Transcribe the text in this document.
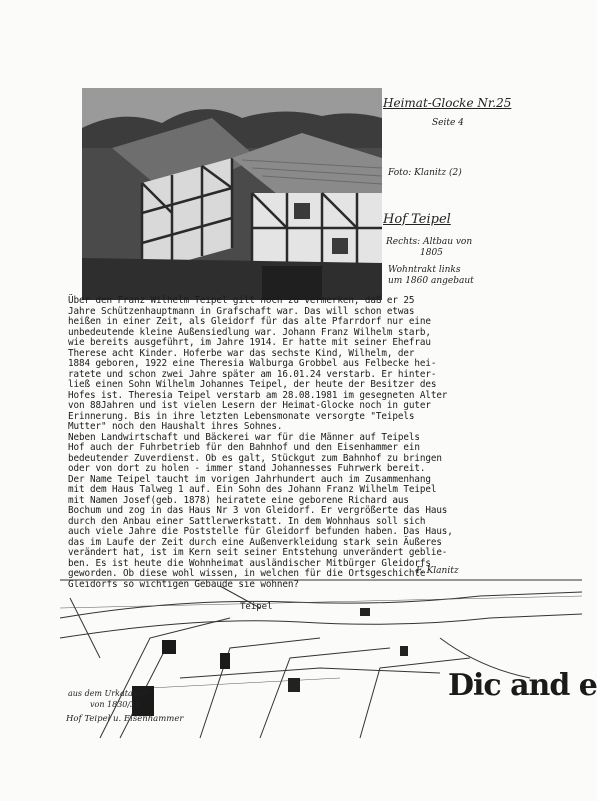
Heimat-Glocke Nr.25
Seite 4
Foto: Klanitz (2)
Hof Teipel
Rechts: Altbau von
1805
Wohntrakt links
um 1860 angebaut
Über den Franz Wilhelm Teipel gilt noch zu vermerken, daß er 25
Jahre Schützenhauptmann in Grafschaft war. Das will schon etwas
heißen in einer Zeit, als Gleidorf für das alte Pfarrdorf nur eine
unbedeutende kleine Außensiedlung war. Johann Franz Wilhelm starb,
wie bereits ausgeführt, im Jahre 1914. Er hatte mit seiner Ehefrau
Therese acht Kinder. Hoferbe war das sechste Kind, Wilhelm, der
1884 geboren, 1922 eine Theresia Walburga Grobbel aus Felbecke hei-
ratete und schon zwei Jahre später am 16.01.24 verstarb. Er hinter-
ließ einen Sohn Wilhelm Johannes Teipel, der heute der Besitzer des
Hofes ist. Theresia Teipel verstarb am 28.08.1981 im gesegneten Alter
von 88Jahren und ist vielen Lesern der Heimat-Glocke noch in guter
Erinnerung. Bis in ihre letzten Lebensmonate versorgte "Teipels
Mutter" noch den Haushalt ihres Sohnes.
Neben Landwirtschaft und Bäckerei war für die Männer auf Teipels
Hof auch der Fuhrbetrieb für den Bahnhof und den Eisenhammer ein
bedeutender Zuverdienst. Ob es galt, Stückgut zum Bahnhof zu bringen
oder von dort zu holen - immer stand Johannesses Fuhrwerk bereit.
Der Name Teipel taucht im vorigen Jahrhundert auch im Zusammenhang
mit dem Haus Talweg 1 auf. Ein Sohn des Johann Franz Wilhelm Teipel
mit Namen Josef(geb. 1878) heiratete eine geborene Richard aus
Bochum und zog in das Haus Nr 3 von Gleidorf. Er vergrößerte das Haus
durch den Anbau einer Sattlerwerkstatt. In dem Wohnhaus soll sich
auch viele Jahre die Poststelle für Gleidorf befunden haben. Das Haus,
das im Laufe der Zeit durch eine Außenverkleidung stark sein Äußeres
verändert hat, ist im Kern seit seiner Entstehung unverändert geblie-
ben. Es ist heute die Wohnheimat ausländischer Mitbürger Gleidorfs
geworden. Ob diese wohl wissen, in welchen für die Ortsgeschichte
Gleidorfs so wichtigen Gebäude sie wohnen?
F. Klanitz
Teipel
Dic and e
aus dem Urkataster
von 1830/31
Hof Teipel u. Eisenhammer
